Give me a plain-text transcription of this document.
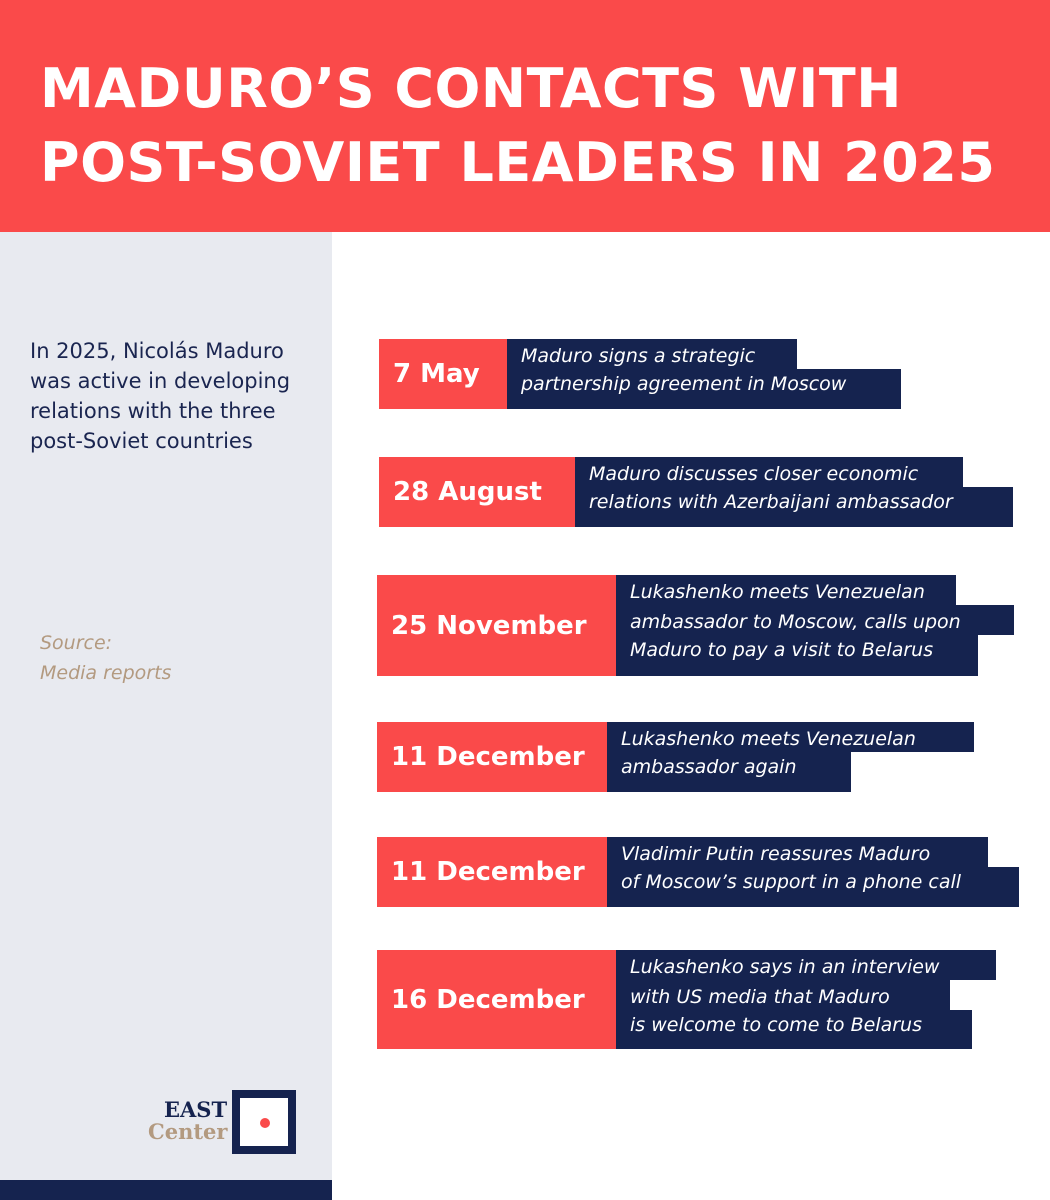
MADURO’S CONTACTS WITH
POST-SOVIET LEADERS IN 2025
In 2025, Nicolás Maduro was active in developing relations with the three post-Soviet countries
Source:
Media reports
EAST
Center
7 May
Maduro signs a strategic
partnership agreement in Moscow
28 August
Maduro discusses closer economic
relations with Azerbaijani ambassador
25 November
Lukashenko meets Venezuelan
ambassador to Moscow, calls upon
Maduro to pay a visit to Belarus
11 December
Lukashenko meets Venezuelan
ambassador again
11 December
Vladimir Putin reassures Maduro
of Moscow’s support in a phone call
16 December
Lukashenko says in an interview
with US media that Maduro
is welcome to come to Belarus
